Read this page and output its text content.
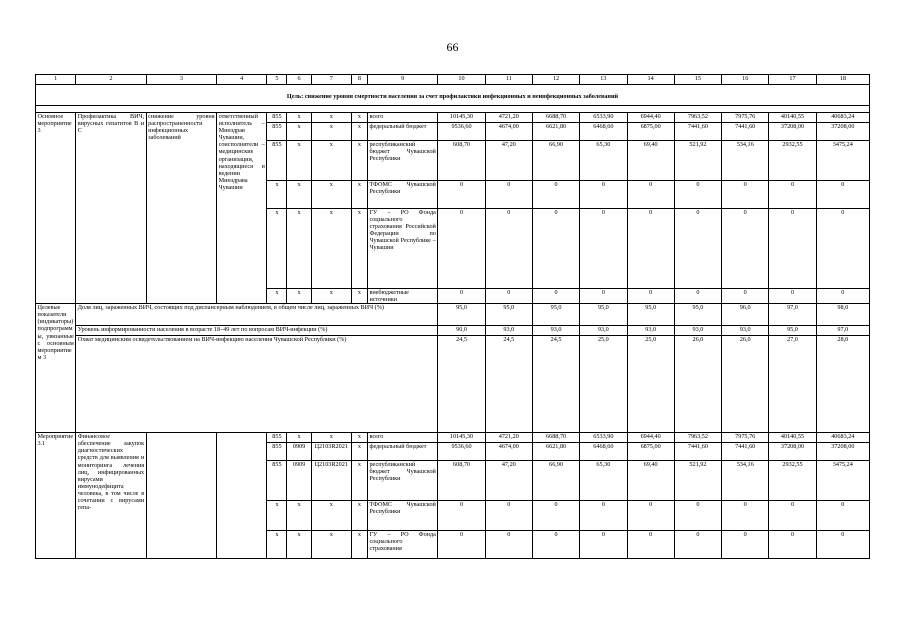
66
1	2	3	4	5	6	7	8	9	10	11	12	13	14	15	16	17	18

Цель: снижение уровня смертности населения за счет профилактики инфекционных и неинфекционных заболеваний																	

Основное мероприятие 3	Профилактика ВИЧ, вирусных гепатитов В и С	снижение уровня распространенности инфекционных заболеваний	ответственный исполнитель – Минздрав Чувашии, соисполнители – медицинские организации, находящиеся в ведении Минздрава Чувашии	855	x	x	x	всего	10145,30	4721,20	6688,70	6533,90	6944,40	7963,52	7975,76	40140,55	40683,24
				855	x	x	x	федеральный бюджет	9536,60	4674,00	6621,80	6468,60	6875,00	7441,60	7441,60	37208,00	37208,00
				855	x	x	x	республиканский бюджет Чувашской Республики	608,70	47,20	66,90	65,30	69,40	521,92	534,16	2932,55	3475,24
				x	x	x	x	ТФОМС Чувашской Республики	0	0	0	0	0	0	0	0	0
				x	x	x	x	ГУ – РО Фонда социального страхования Российской Федерации по Чувашской Республике – Чувашии	0	0	0	0	0	0	0	0	0
				x	x	x	x	внебюджетные источники	0	0	0	0	0	0	0	0	0
Целевые показатели (индикаторы) подпрограммы, увязанные с основным мероприятием 3	Доля лиц, зараженных ВИЧ, состоящих под диспансерным наблюдением, в общем числе лиц, зараженных ВИЧ (%)								95,0	95,0	95,0	95,0	95,0	95,0	96,0	97,0	98,0
	Уровень информированности населения в возрасте 18–49 лет по вопросам ВИЧ-инфекции (%)								90,0	93,0	93,0	93,0	93,0	93,0	93,0	95,0	97,0
	Охват медицинским освидетельствованием на ВИЧ-инфекцию населения Чувашской Республики (%)								24,5	24,5	24,5	25,0	25,0	26,0	26,0	27,0	28,0
Мероприятие 3.1	Финансовое обеспечение закупок диагностических средств для выявления и мониторинга лечения лиц, инфицированных вирусами иммунодефицита человека, в том числе в сочетании с вирусами гепа-			855	x	x	x	всего	10145,30	4721,20	6688,70	6533,90	6944,40	7963,52	7975,76	40140,55	40683,24
				855	0909	Ц2103R2021	x	федеральный бюджет	9536,60	4674,00	6621,80	6468,60	6875,00	7441,60	7441,60	37208,00	37208,00
				855	0909	Ц2103R2021	x	республиканский бюджет Чувашской Республики	608,70	47,20	66,90	65,30	69,40	521,92	534,16	2932,55	3475,24
				x	x	x	x	ТФОМС Чувашской Республики	0	0	0	0	0	0	0	0	0
				x	x	x	x	ГУ – РО Фонда социального страхования	0	0	0	0	0	0	0	0	0
